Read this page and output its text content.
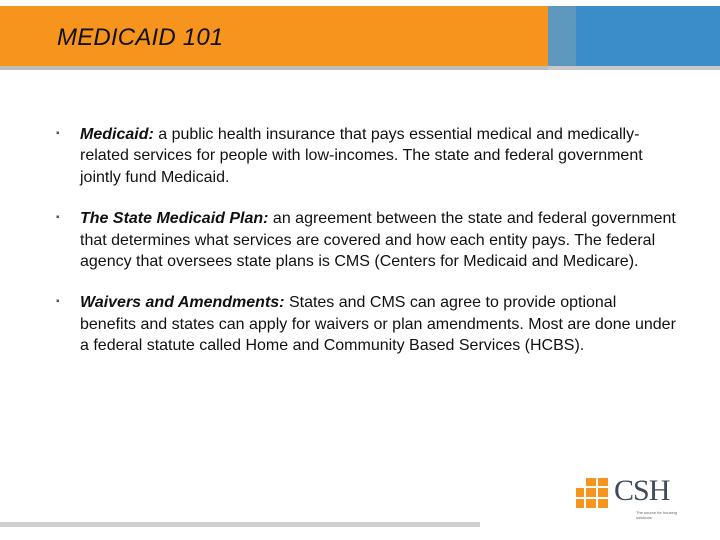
MEDICAID 101
▪ Medicaid: a public health insurance that pays essential medical and medically-related services for people with low-incomes. The state and federal government jointly fund Medicaid.
▪ The State Medicaid Plan: an agreement between the state and federal government that determines what services are covered and how each entity pays. The federal agency that oversees state plans is CMS (Centers for Medicaid and Medicare).
▪ Waivers and Amendments: States and CMS can agree to provide optional benefits and states can apply for waivers or plan amendments. Most are done under a federal statute called Home and Community Based Services (HCBS).
CSH
The source for housing solutions
